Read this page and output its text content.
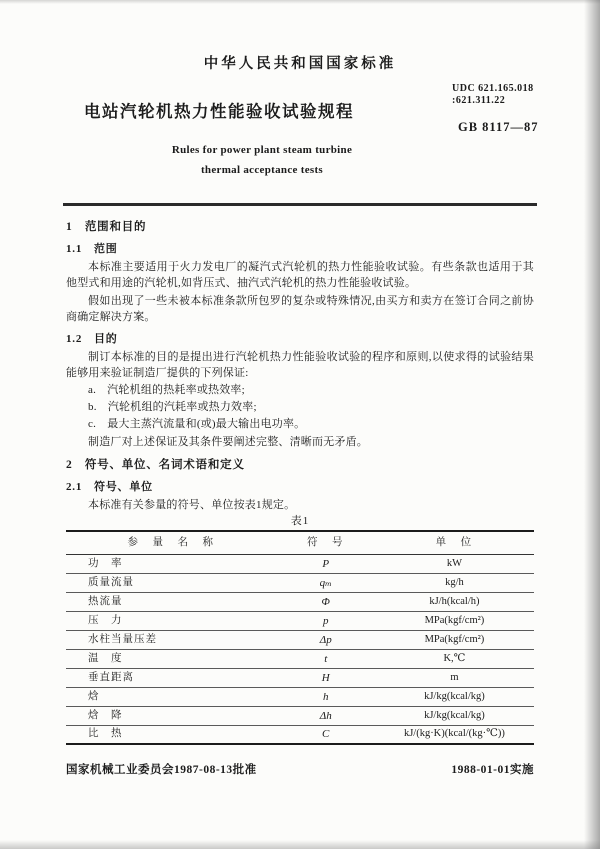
中华人民共和国国家标准
UDC 621.165.018
:621.311.22
电站汽轮机热力性能验收试验规程
GB 8117—87
Rules for power plant steam turbine
thermal acceptance tests
1　范围和目的
1.1　范围

本标准主要适用于火力发电厂的凝汽式汽轮机的热力性能验收试验。有些条款也适用于其他型式和用途的汽轮机,如背压式、抽汽式汽轮机的热力性能验收试验。

假如出现了一些未被本标准条款所包罗的复杂或特殊情况,由买方和卖方在签订合同之前协商确定解决方案。

1.2　目的

制订本标准的目的是提出进行汽轮机热力性能验收试验的程序和原则,以使求得的试验结果能够用来验证制造厂提供的下列保证:

a.　汽轮机组的热耗率或热效率;
b.　汽轮机组的汽耗率或热力效率;
c.　最大主蒸汽流量和(或)最大输出电功率。

制造厂对上述保证及其条件要阐述完整、清晰而无矛盾。

2　符号、单位、名词术语和定义
2.1　符号、单位

本标准有关参量的符号、单位按表1规定。

表1
参　量　名　称	符　号	单　位
功　率	P	kW
质量流量	qₘ	kg/h
热流量	Φ	kJ/h(kcal/h)
压　力	p	MPa(kgf/cm²)
水柱当量压差	Δp	MPa(kgf/cm²)
温　度	t	K,℃
垂直距离	H	m
焓	h	kJ/kg(kcal/kg)
焓　降	Δh	kJ/kg(kcal/kg)
比　热	C	kJ/(kg·K)(kcal/(kg·℃))
国家机械工业委员会1987-08-13批准	1988-01-01实施
